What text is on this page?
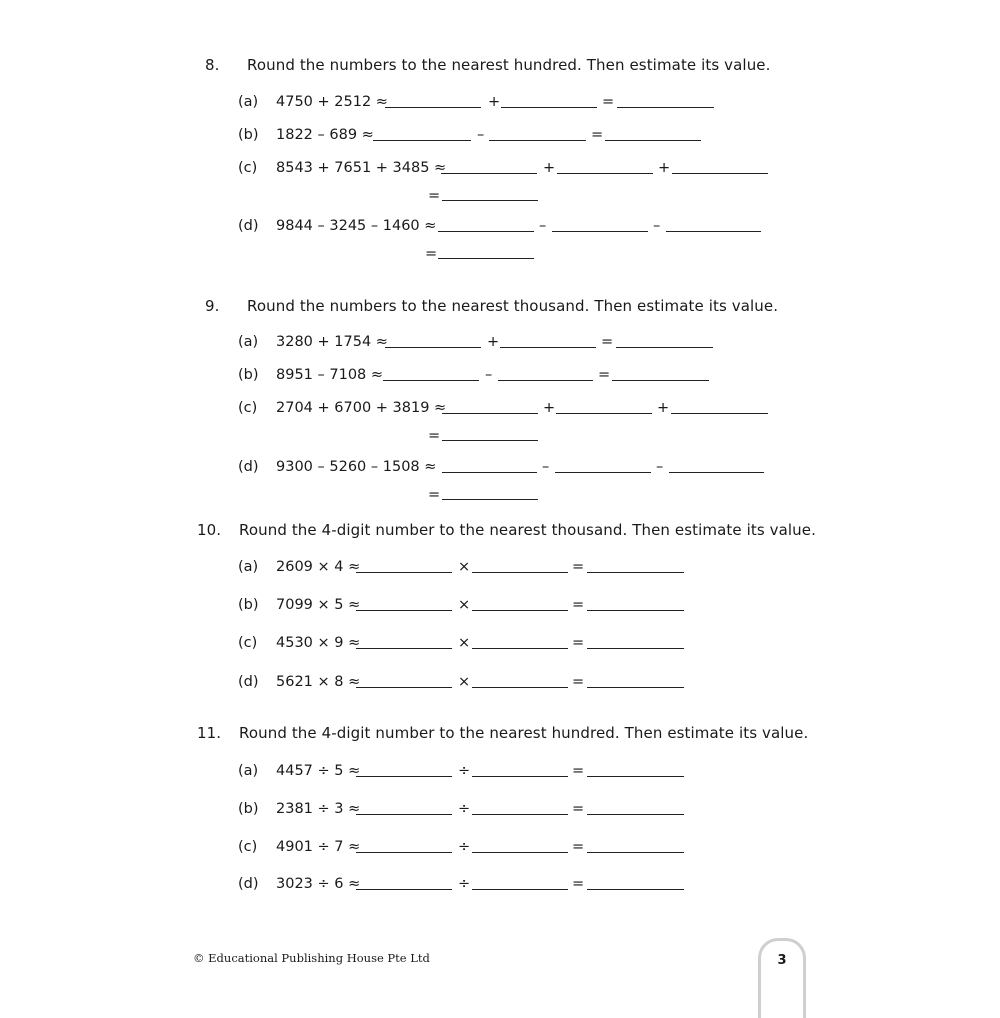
8. Round the numbers to the nearest hundred. Then estimate its value.
(a) 4750 + 2512 ≈	+	=
(b) 1822 – 689 ≈	–	=
(c) 8543 + 7651 + 3485 ≈	+	+
=
(d) 9844 – 3245 – 1460 ≈	–	–
=
9. Round the numbers to the nearest thousand. Then estimate its value.
(a) 3280 + 1754 ≈	+	=
(b) 8951 – 7108 ≈	–	=
(c) 2704 + 6700 + 3819 ≈	+	+
=
(d) 9300 – 5260 – 1508 ≈	–	–
=
10. Round the 4-digit number to the nearest thousand. Then estimate its value.
(a) 2609 × 4 ≈	×	=
(b) 7099 × 5 ≈	×	=
(c) 4530 × 9 ≈	×	=
(d) 5621 × 8 ≈	×	=
11. Round the 4-digit number to the nearest hundred. Then estimate its value.
(a) 4457 ÷ 5 ≈	÷	=
(b) 2381 ÷ 3 ≈	÷	=
(c) 4901 ÷ 7 ≈	÷	=
(d) 3023 ÷ 6 ≈	÷	=
© Educational Publishing House Pte Ltd	3
